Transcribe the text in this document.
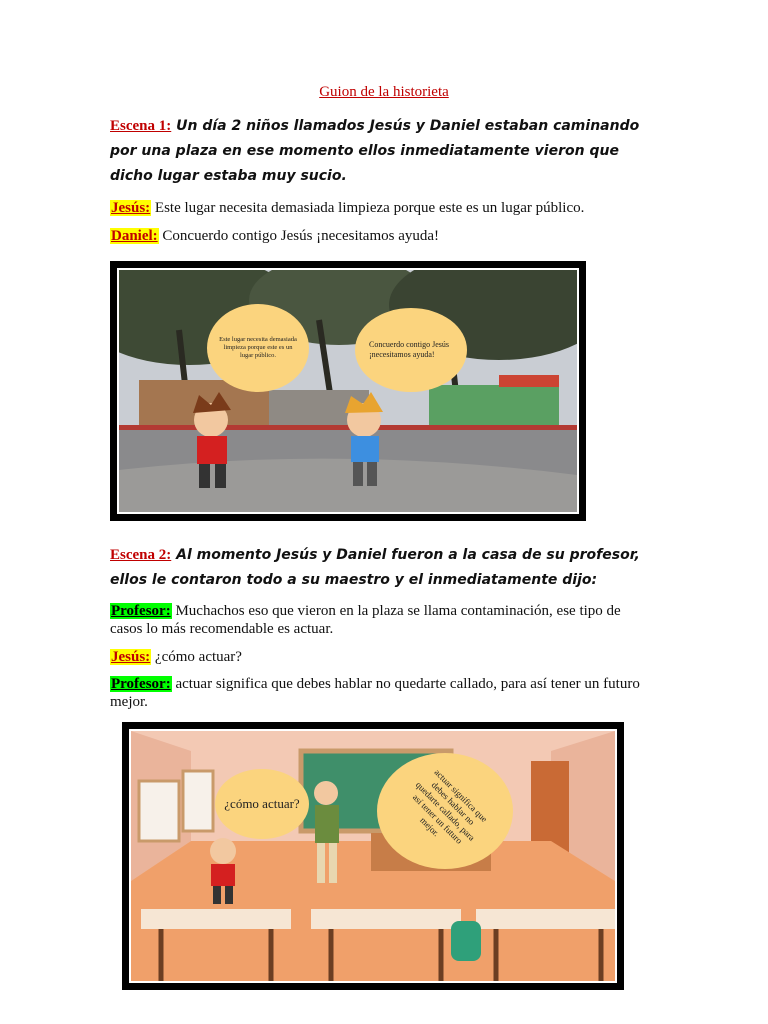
Guion de la historieta
Escena 1: Un día 2 niños llamados Jesús y Daniel estaban caminando por una plaza en ese momento ellos inmediatamente vieron que dicho lugar estaba muy sucio.
Jesús: Este lugar necesita demasiada limpieza porque este es un lugar público.
Daniel: Concuerdo contigo Jesús ¡necesitamos ayuda!
Este lugar necesita demasiada limpieza porque este es un lugar público.
Concuerdo contigo Jesús ¡necesitamos ayuda!
Escena 2: Al momento Jesús y Daniel fueron a la casa de su profesor, ellos le contaron todo a su maestro y el inmediatamente dijo:
Profesor: Muchachos eso que vieron en la plaza se llama contaminación, ese tipo de casos lo más recomendable es actuar.
Jesús: ¿cómo actuar?
Profesor: actuar significa que debes hablar no quedarte callado, para así tener un futuro mejor.
¿cómo actuar?	actuar significa que debes hablar no quedarte callado, para así tener un futuro mejor.
